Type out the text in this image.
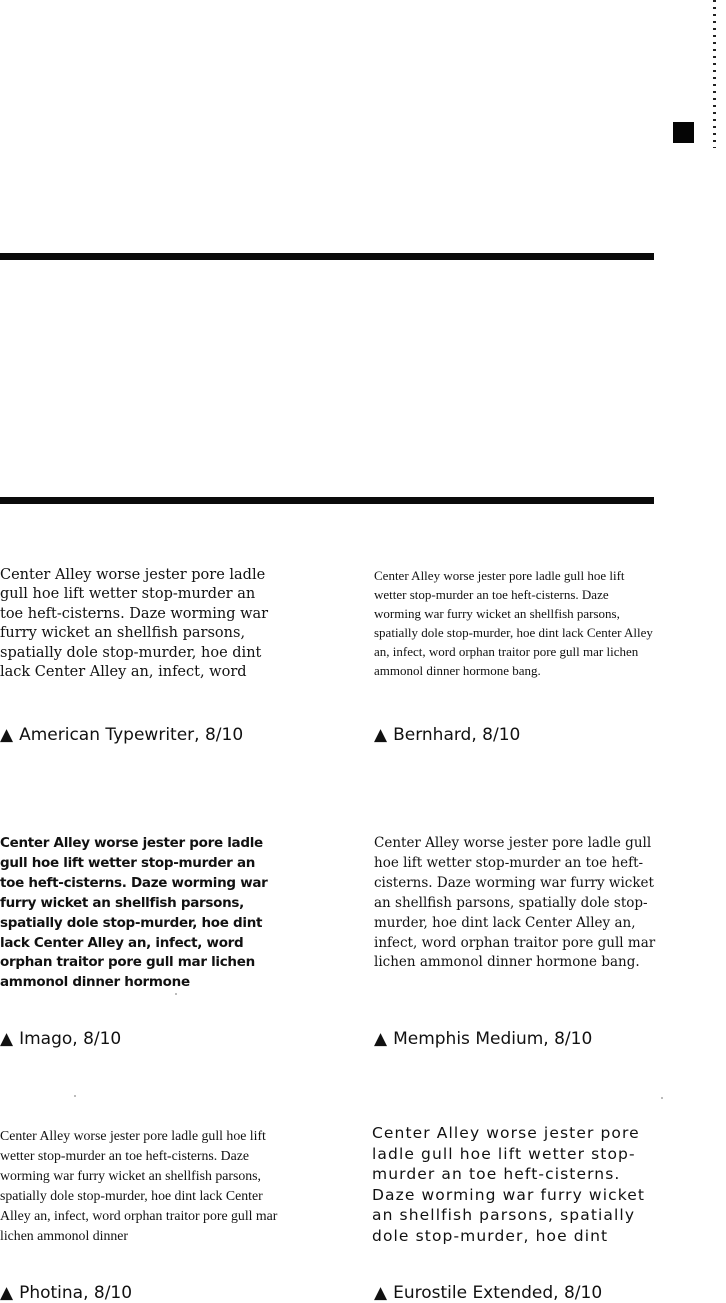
Center Alley worse jester pore ladle gull hoe lift wetter stop-murder an toe heft-cisterns. Daze worming war furry wicket an shellfish parsons, spatially dole stop-murder, hoe dint lack Center Alley an, infect, word

▲ American Typewriter, 8/10

Center Alley worse jester pore ladle gull hoe lift wetter stop-murder an toe heft-cisterns. Daze worming war furry wicket an shellfish parsons, spatially dole stop-murder, hoe dint lack Center Alley an, infect, word orphan traitor pore gull mar lichen ammonol dinner hormone bang.

▲ Bernhard, 8/10

Center Alley worse jester pore ladle gull hoe lift wetter stop-murder an toe heft-cisterns. Daze worming war furry wicket an shellfish parsons, spatially dole stop-murder, hoe dint lack Center Alley an, infect, word orphan traitor pore gull mar lichen ammonol dinner hormone

▲ Imago, 8/10

Center Alley worse jester pore ladle gull hoe lift wetter stop-murder an toe heft-cisterns. Daze worming war furry wicket an shellfish parsons, spatially dole stop-murder, hoe dint lack Center Alley an, infect, word orphan traitor pore gull mar lichen ammonol dinner hormone bang.

▲ Memphis Medium, 8/10

Center Alley worse jester pore ladle gull hoe lift wetter stop-murder an toe heft-cisterns. Daze worming war furry wicket an shellfish parsons, spatially dole stop-murder, hoe dint lack Center Alley an, infect, word orphan traitor pore gull mar lichen ammonol dinner

▲ Photina, 8/10

Center Alley worse jester pore ladle gull hoe lift wetter stop-murder an toe heft-cisterns. Daze worming war furry wicket an shellfish parsons, spatially dole stop-murder, hoe dint

▲ Eurostile Extended, 8/10
